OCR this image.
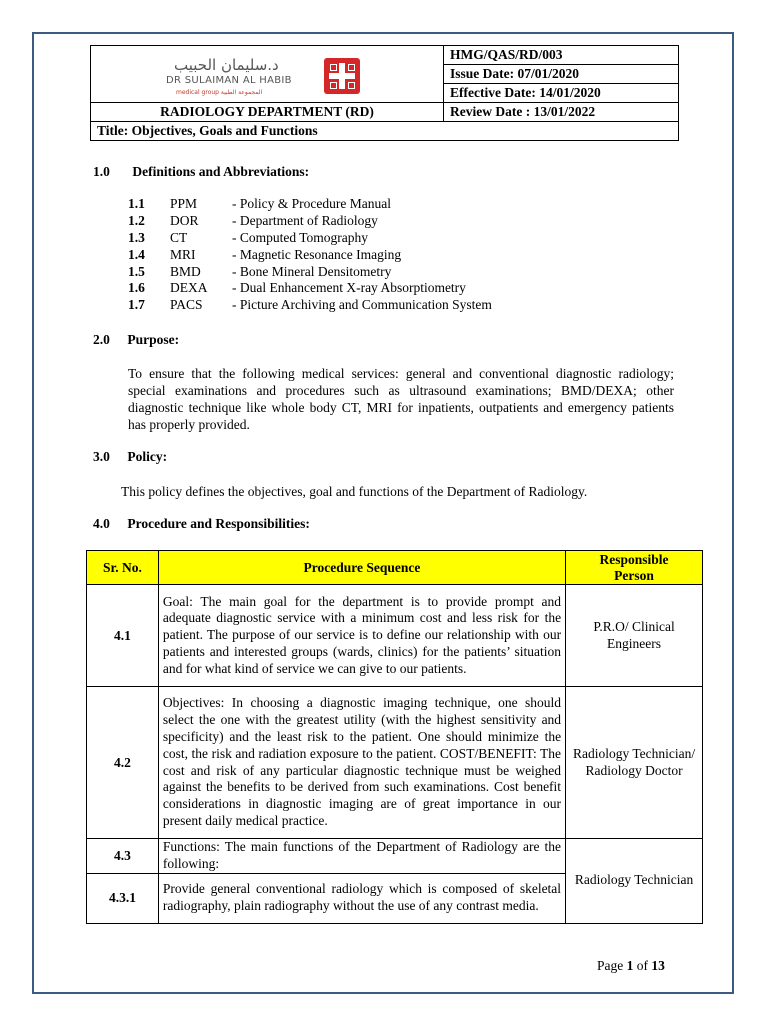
د.سليمان الحبيب
DR SULAIMAN AL HABIB
medical group المجموعة الطبية	HMG/QAS/RD/003
	Issue Date: 07/01/2020
	Effective Date: 14/01/2020
RADIOLOGY DEPARTMENT (RD)	Review Date : 13/01/2022
Title: Objectives, Goals and Functions	
1.0 Definitions and Abbreviations:
1.1 PPM	- Policy & Procedure Manual
1.2 DOR - Department of Radiology
1.3 CT	- Computed Tomography
1.4 MRI	- Magnetic Resonance Imaging
1.5 BMD - Bone Mineral Densitometry
1.6 DEXA - Dual Enhancement X-ray Absorptiometry
1.7 PACS - Picture Archiving and Communication System
2.0 Purpose:
To ensure that the following medical services: general and conventional diagnostic radiology; special examinations and procedures such as ultrasound examinations; BMD/DEXA; other diagnostic technique like whole body CT, MRI for inpatients, outpatients and emergency patients has properly provided.
3.0 Policy:
This policy defines the objectives, goal and functions of the Department of Radiology.
4.0 Procedure and Responsibilities:
Sr. No.	Procedure Sequence	Responsible Person
4.1	Goal: The main goal for the department is to provide prompt and adequate diagnostic service with a minimum cost and less risk for the patient. The purpose of our service is to define our relationship with our patients and interested groups (wards, clinics) for the patients’ situation and for what kind of service we can give to our patients.	P.R.O/ Clinical Engineers
4.2	Objectives: In choosing a diagnostic imaging technique, one should select the one with the greatest utility (with the highest sensitivity and specificity) and the least risk to the patient. One should minimize the cost, the risk and radiation exposure to the patient. COST/BENEFIT: The cost and risk of any particular diagnostic technique must be weighed against the benefits to be derived from such examinations. Cost benefit considerations in diagnostic imaging are of great importance in our present daily medical practice.	Radiology Technician/ Radiology Doctor
4.3	Functions: The main functions of the Department of Radiology are the following:	Radiology Technician
4.3.1	Provide general conventional radiology which is composed of skeletal radiography, plain radiography without the use of any contrast media.	
Page 1 of 13
